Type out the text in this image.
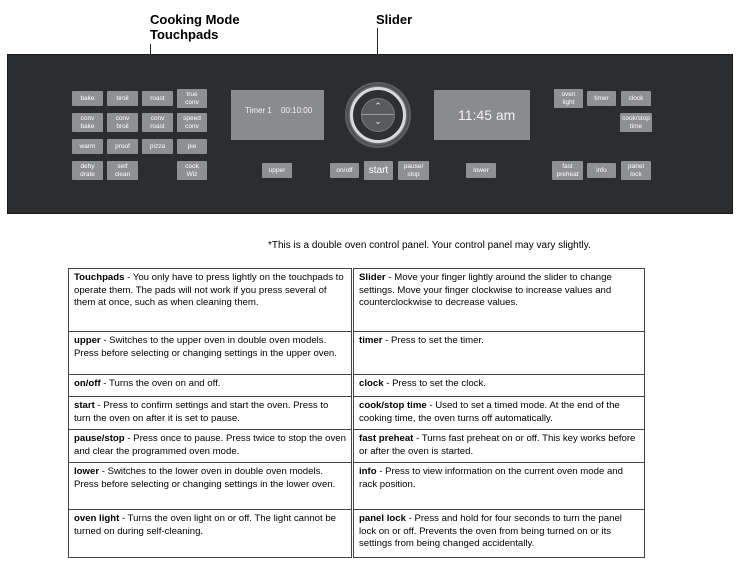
Cooking Mode
Touchpads
Slider
bake	broil	roast
true
conv
conv
bake
conv
broil
conv
roast
speed
conv
warm	proof	pizza	pie
dehy
drate
self
clean
cook
Wiz
Timer 1 00:10:00	⌃
⌄	11:45 am
upper	on/off	start	pause/
stop
lower
oven
light
timer	clock
cook/stop
time
fast
preheat
info
panel
lock
*This is a double oven control panel. Your control panel may vary slightly.
Touchpads - You only have to press lightly on the touchpads to operate them. The pads will not work if you press several of them at once, such as when cleaning them.	Slider - Move your finger lightly around the slider to change settings. Move your finger clockwise to increase values and counterclockwise to decrease values.
upper - Switches to the upper oven in double oven models. Press before selecting or changing settings in the upper oven.	timer - Press to set the timer.
on/off - Turns the oven on and off.	clock - Press to set the clock.
start - Press to confirm settings and start the oven. Press to turn the oven on after it is set to pause.	cook/stop time - Used to set a timed mode. At the end of the cooking time, the oven turns off automatically.
pause/stop - Press once to pause. Press twice to stop the oven and clear the programmed oven mode.	fast preheat - Turns fast preheat on or off. This key works before or after the oven is started.
lower - Switches to the lower oven in double oven models. Press before selecting or changing settings in the lower oven.	info - Press to view information on the current oven mode and rack position.
oven light - Turns the oven light on or off. The light cannot be turned on during self-cleaning.	panel lock - Press and hold for four seconds to turn the panel lock on or off. Prevents the oven from being turned on or its settings from being changed accidentally.
